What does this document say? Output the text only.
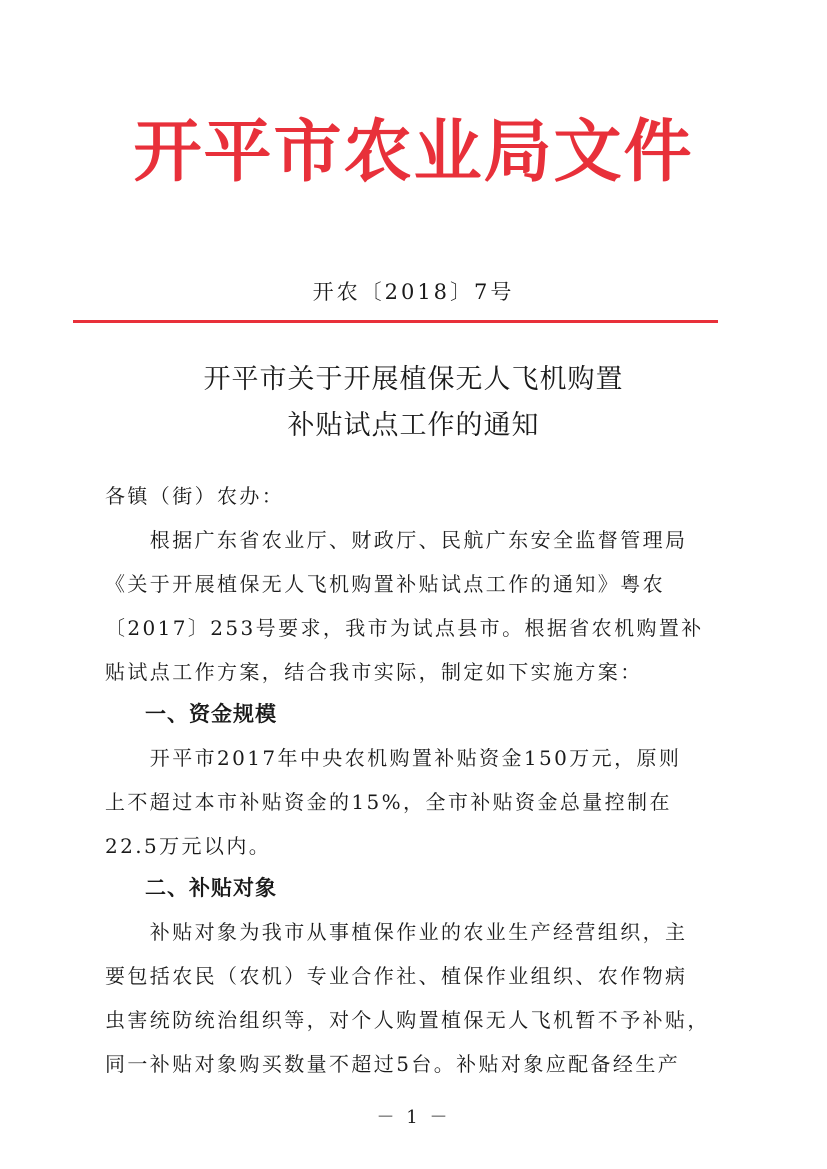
开平市农业局文件
开农〔2018〕7号
开平市关于开展植保无人飞机购置
补贴试点工作的通知
各镇（街）农办：
　　根据广东省农业厅、财政厅、民航广东安全监督管理局
《关于开展植保无人飞机购置补贴试点工作的通知》粤农
〔2017〕253号要求，我市为试点县市。根据省农机购置补
贴试点工作方案，结合我市实际，制定如下实施方案：
一、资金规模
　　开平市2017年中央农机购置补贴资金150万元，原则
上不超过本市补贴资金的15%，全市补贴资金总量控制在
22.5万元以内。
二、补贴对象
　　补贴对象为我市从事植保作业的农业生产经营组织，主
要包括农民（农机）专业合作社、植保作业组织、农作物病
虫害统防统治组织等，对个人购置植保无人飞机暂不予补贴，
同一补贴对象购买数量不超过5台。补贴对象应配备经生产
－ 1 －
